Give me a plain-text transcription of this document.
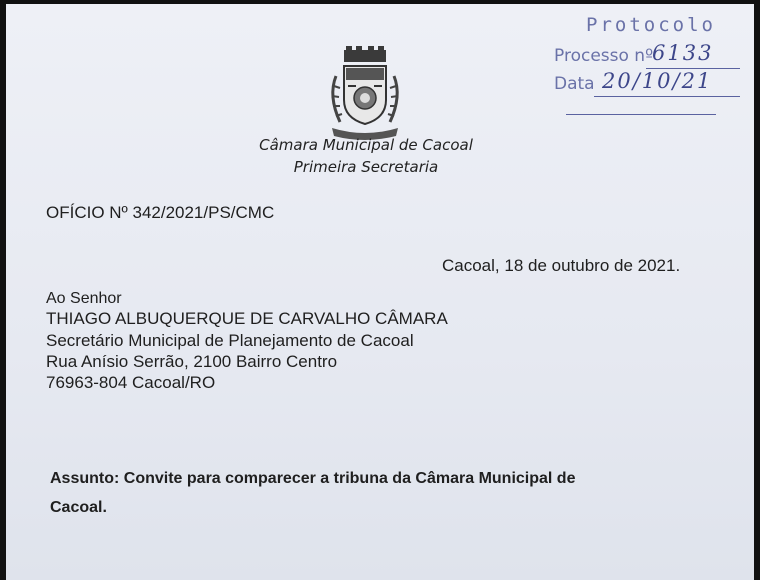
Protocolo
Processo nº
6133
Data 20/10/21
Câmara Municipal de Cacoal
Primeira Secretaria
OFÍCIO Nº 342/2021/PS/CMC
Cacoal, 18 de outubro de 2021.
Ao Senhor
THIAGO ALBUQUERQUE DE CARVALHO CÂMARA
Secretário Municipal de Planejamento de Cacoal
Rua Anísio Serrão, 2100 Bairro Centro
76963-804 Cacoal/RO
Assunto: Convite para comparecer a tribuna da Câmara Municipal de
Cacoal.
